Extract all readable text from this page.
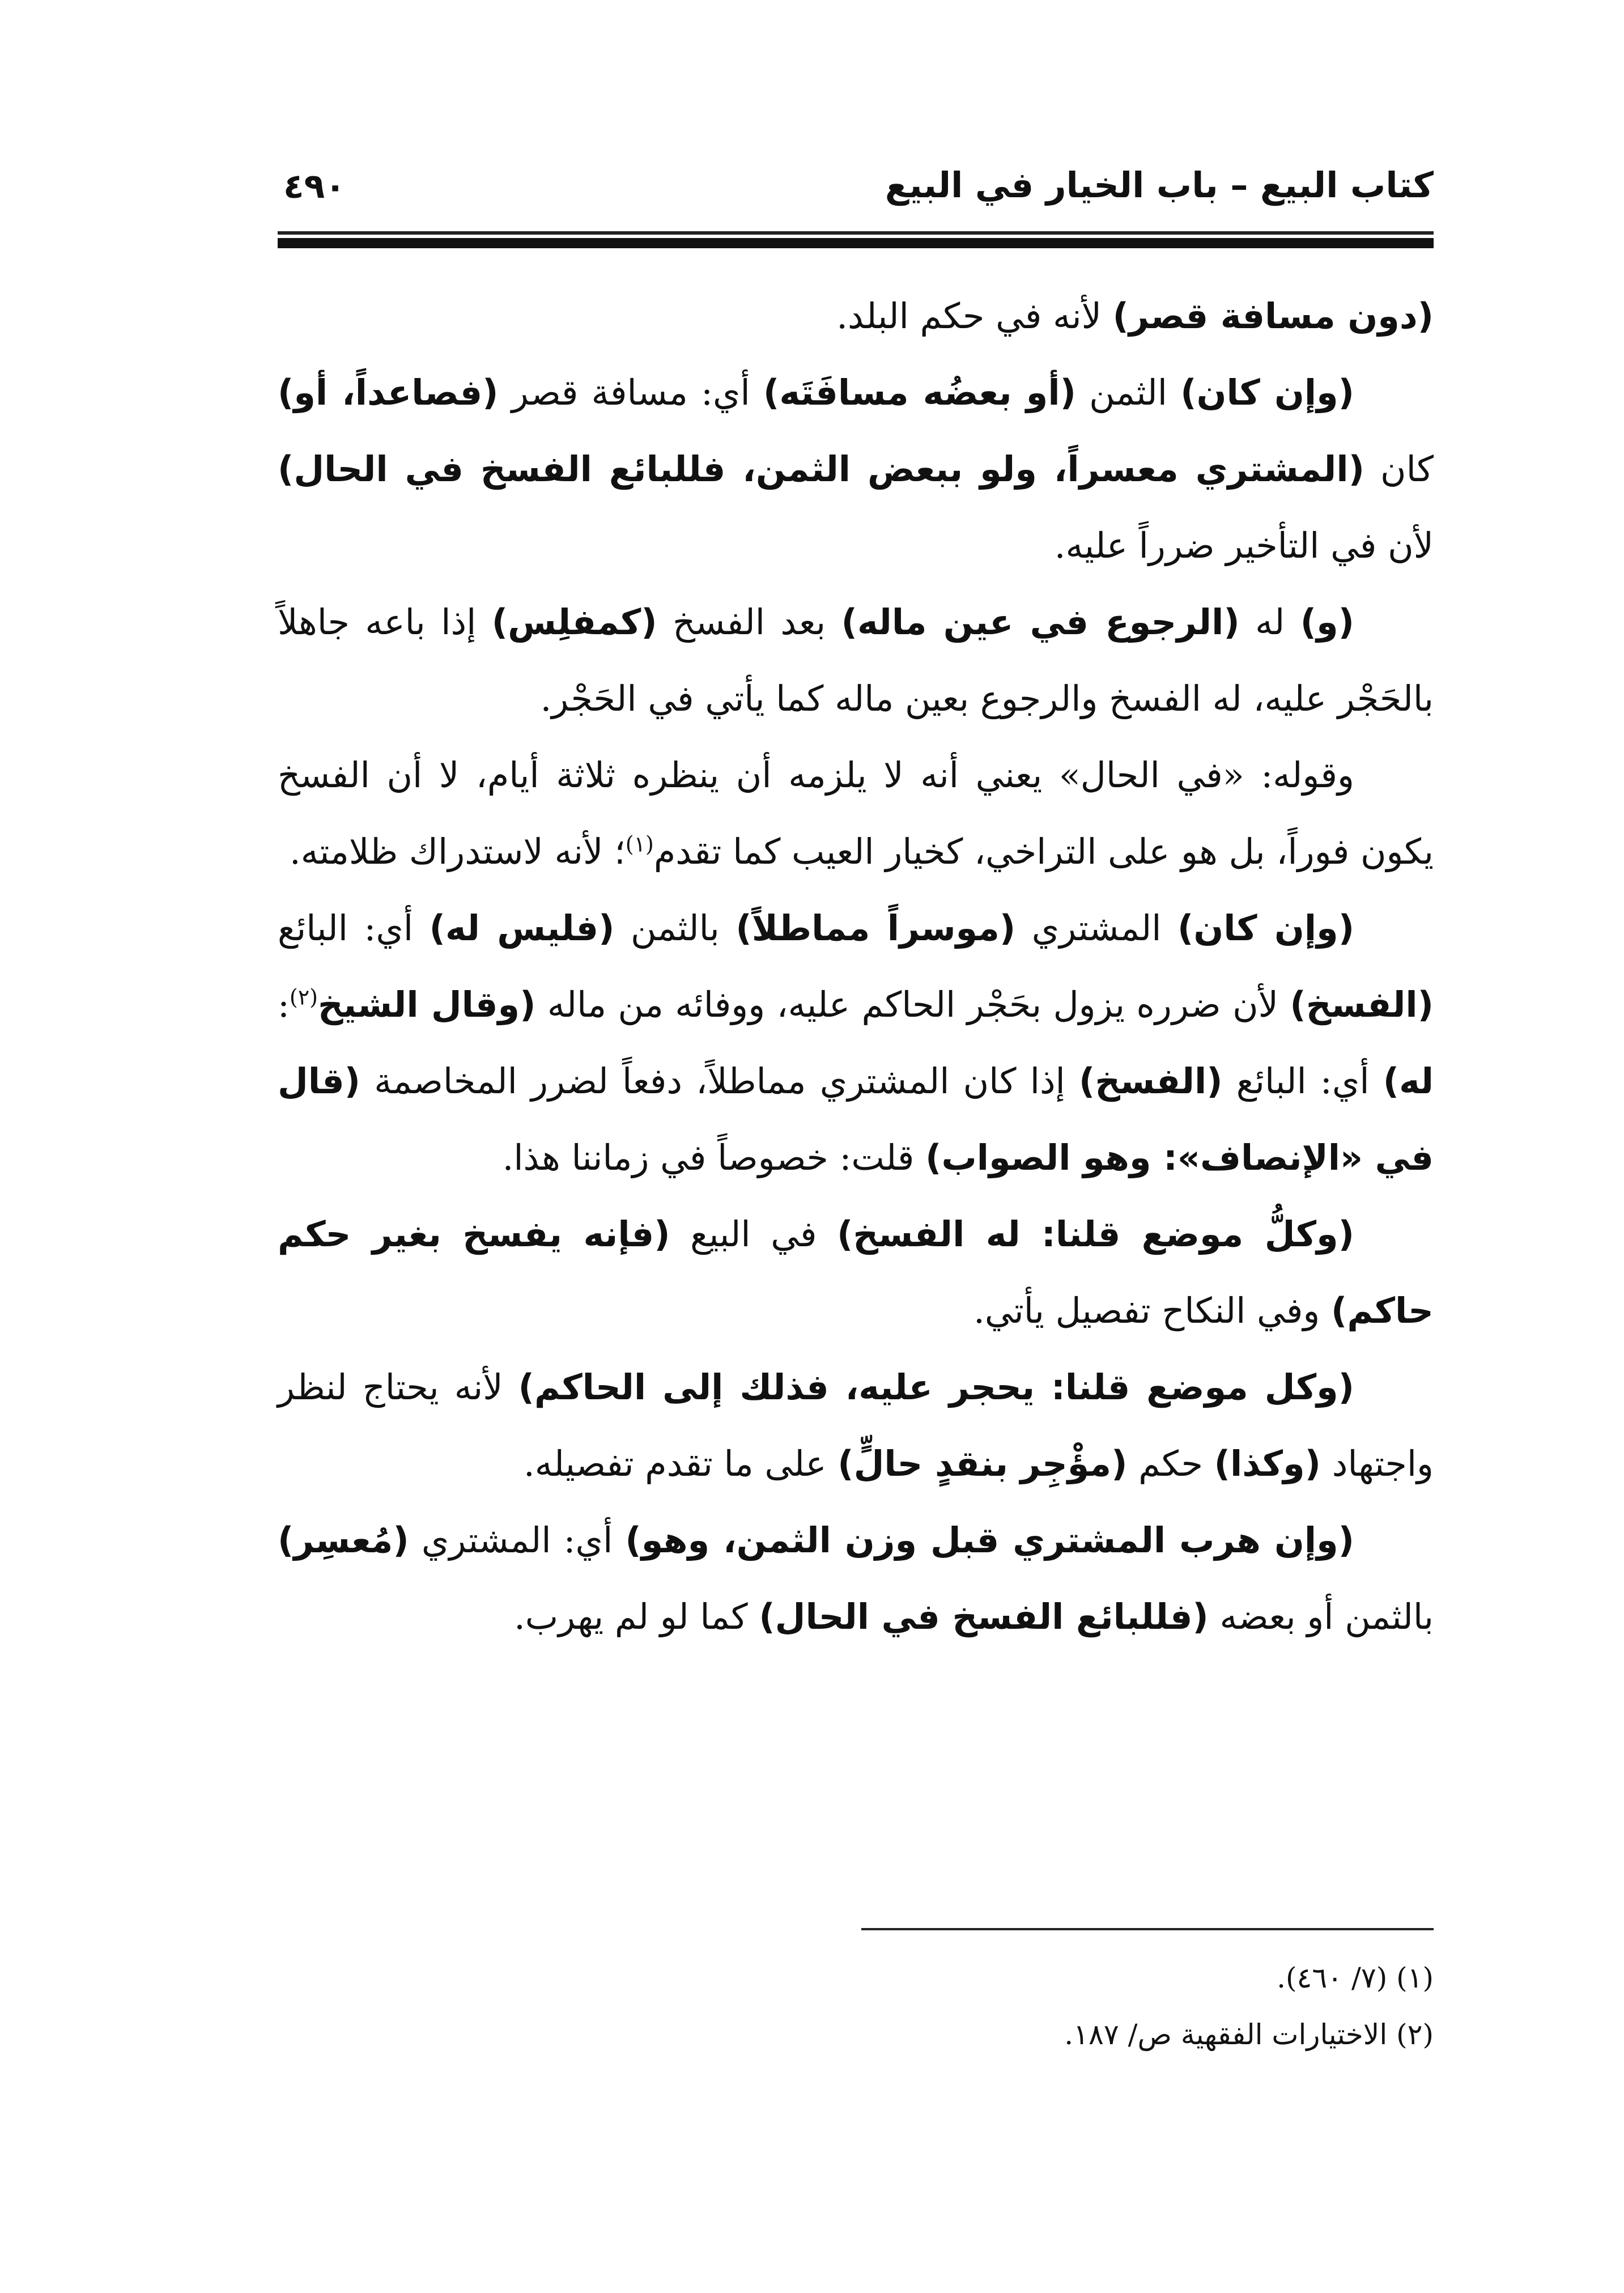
كتاب البيع – باب الخيار في البيع
٤٩٠

(دون مسافة قصر) لأنه في حكم البلد.

(وإن كان) الثمن (أو بعضُه مسافَتَه) أي: مسافة قصر (فصاعداً، أو) كان (المشتري معسراً، ولو ببعض الثمن، فللبائع الفسخ في الحال) لأن في التأخير ضرراً عليه.

(و) له (الرجوع في عين ماله) بعد الفسخ (كمفلِس) إذا باعه جاهلاً بالحَجْر عليه، له الفسخ والرجوع بعين ماله كما يأتي في الحَجْر.

وقوله: «في الحال» يعني أنه لا يلزمه أن ينظره ثلاثة أيام، لا أن الفسخ يكون فوراً، بل هو على التراخي، كخيار العيب كما تقدم$^{(١)}$؛ لأنه لاستدراك ظلامته.

(وإن كان) المشتري (موسراً مماطلاً) بالثمن (فليس له) أي: البائع (الفسخ) لأن ضرره يزول بحَجْر الحاكم عليه، ووفائه من ماله (وقال الشيخ$^{(٢)}$: له) أي: البائع (الفسخ) إذا كان المشتري مماطلاً، دفعاً لضرر المخاصمة (قال في «الإنصاف»: وهو الصواب) قلت: خصوصاً في زماننا هذا.

(وكلُّ موضع قلنا: له الفسخ) في البيع (فإنه يفسخ بغير حكم حاكم) وفي النكاح تفصيل يأتي.

(وكل موضع قلنا: يحجر عليه، فذلك إلى الحاكم) لأنه يحتاج لنظر واجتهاد (وكذا) حكم (مؤْجِر بنقدٍ حالٍّ) على ما تقدم تفصيله.

(وإن هرب المشتري قبل وزن الثمن، وهو) أي: المشتري (مُعسِر) بالثمن أو بعضه (فللبائع الفسخ في الحال) كما لو لم يهرب.

(١) (٧/ ٤٦٠).

(٢) الاختيارات الفقهية ص/ ١٨٧.
